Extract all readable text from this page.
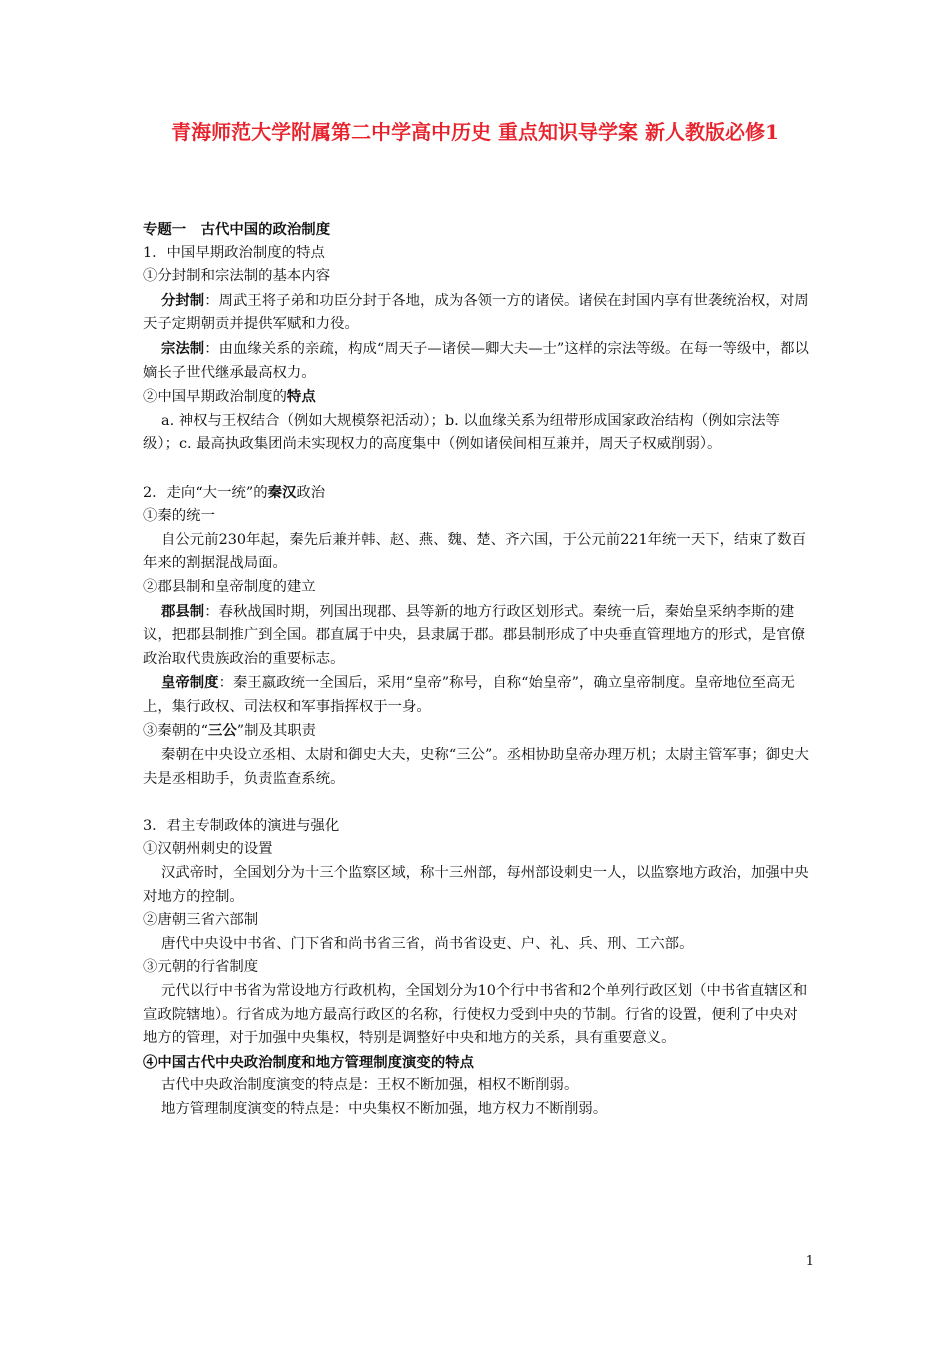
青海师范大学附属第二中学高中历史 重点知识导学案 新人教版必修1

专题一　古代中国的政治制度

1．中国早期政治制度的特点

①分封制和宗法制的基本内容

分封制：周武王将子弟和功臣分封于各地，成为各领一方的诸侯。诸侯在封国内享有世袭统治权，对周天子定期朝贡并提供军赋和力役。

宗法制：由血缘关系的亲疏，构成“周天子—诸侯—卿大夫—士”这样的宗法等级。在每一等级中，都以嫡长子世代继承最高权力。

②中国早期政治制度的特点

a. 神权与王权结合（例如大规模祭祀活动）；b. 以血缘关系为纽带形成国家政治结构（例如宗法等级）；c. 最高执政集团尚未实现权力的高度集中（例如诸侯间相互兼并，周天子权威削弱）。

2．走向“大一统”的秦汉政治

①秦的统一

自公元前230年起，秦先后兼并韩、赵、燕、魏、楚、齐六国，于公元前221年统一天下，结束了数百年来的割据混战局面。

②郡县制和皇帝制度的建立

郡县制：春秋战国时期，列国出现郡、县等新的地方行政区划形式。秦统一后，秦始皇采纳李斯的建议，把郡县制推广到全国。郡直属于中央，县隶属于郡。郡县制形成了中央垂直管理地方的形式，是官僚政治取代贵族政治的重要标志。

皇帝制度：秦王嬴政统一全国后，采用“皇帝”称号，自称“始皇帝”，确立皇帝制度。皇帝地位至高无上，集行政权、司法权和军事指挥权于一身。

③秦朝的“三公”制及其职责

秦朝在中央设立丞相、太尉和御史大夫，史称“三公”。丞相协助皇帝办理万机；太尉主管军事；御史大夫是丞相助手，负责监查系统。

3．君主专制政体的演进与强化

①汉朝州刺史的设置

汉武帝时，全国划分为十三个监察区域，称十三州部，每州部设刺史一人，以监察地方政治，加强中央对地方的控制。

②唐朝三省六部制

唐代中央设中书省、门下省和尚书省三省，尚书省设吏、户、礼、兵、刑、工六部。

③元朝的行省制度

元代以行中书省为常设地方行政机构，全国划分为10个行中书省和2个单列行政区划（中书省直辖区和宣政院辖地）。行省成为地方最高行政区的名称，行使权力受到中央的节制。行省的设置，便利了中央对地方的管理，对于加强中央集权，特别是调整好中央和地方的关系，具有重要意义。

④中国古代中央政治制度和地方管理制度演变的特点

古代中央政治制度演变的特点是：王权不断加强，相权不断削弱。

地方管理制度演变的特点是：中央集权不断加强，地方权力不断削弱。

1
